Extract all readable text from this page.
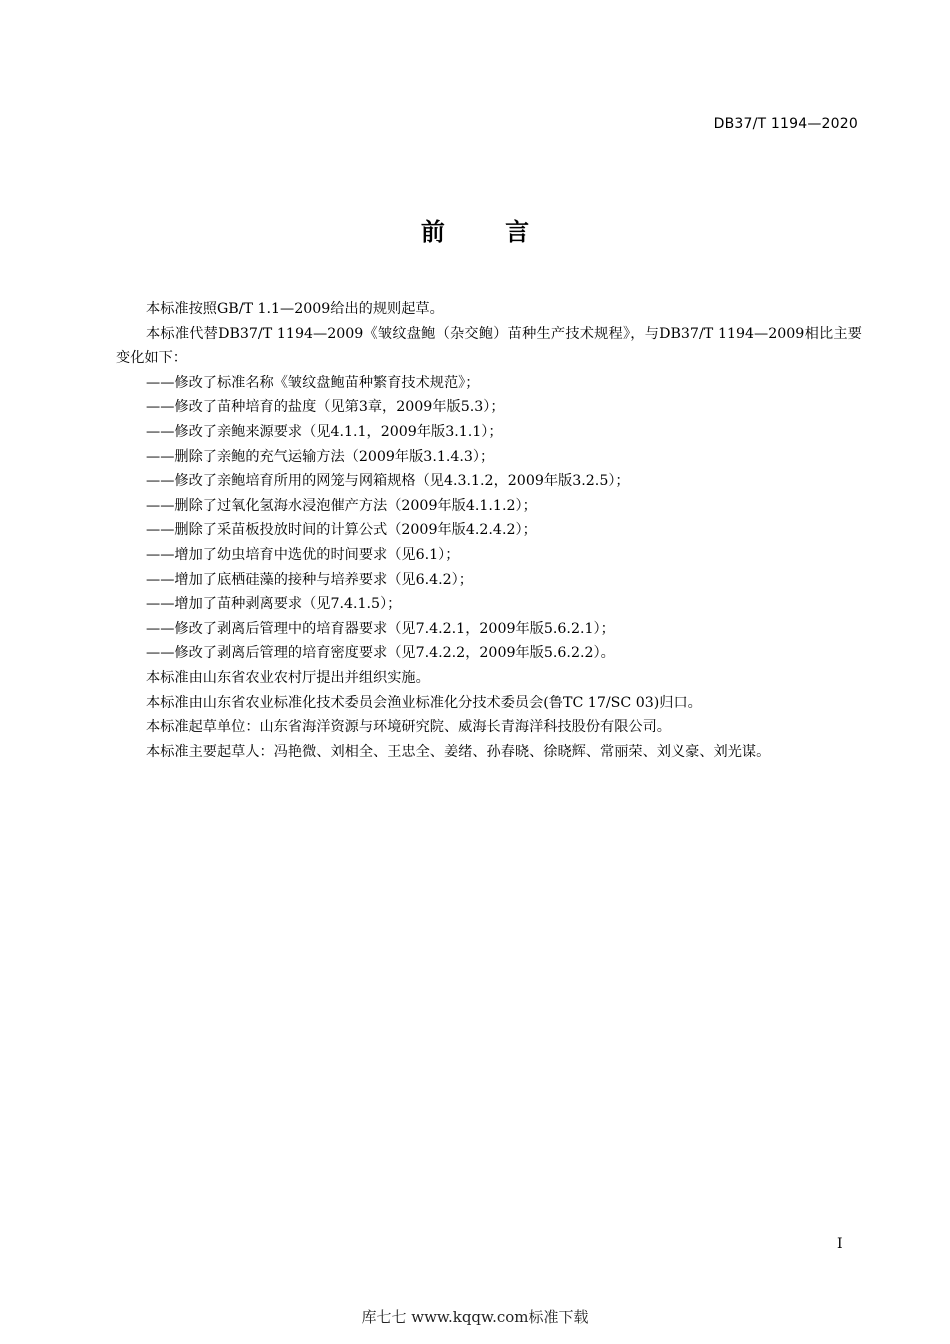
DB37/T 1194—2020
前 言

本标准按照GB/T 1.1—2009给出的规则起草。

本标准代替DB37/T 1194—2009《皱纹盘鲍（杂交鲍）苗种生产技术规程》，与DB37/T 1194—2009相比主要变化如下：

——修改了标准名称《皱纹盘鲍苗种繁育技术规范》；

——修改了苗种培育的盐度（见第3章，2009年版5.3）；

——修改了亲鲍来源要求（见4.1.1，2009年版3.1.1）；

——删除了亲鲍的充气运输方法（2009年版3.1.4.3）；

——修改了亲鲍培育所用的网笼与网箱规格（见4.3.1.2，2009年版3.2.5）；

——删除了过氧化氢海水浸泡催产方法（2009年版4.1.1.2）；

——删除了采苗板投放时间的计算公式（2009年版4.2.4.2）；

——增加了幼虫培育中选优的时间要求（见6.1）；

——增加了底栖硅藻的接种与培养要求（见6.4.2）；

——增加了苗种剥离要求（见7.4.1.5）；

——修改了剥离后管理中的培育器要求（见7.4.2.1，2009年版5.6.2.1）；

——修改了剥离后管理的培育密度要求（见7.4.2.2，2009年版5.6.2.2）。

本标准由山东省农业农村厅提出并组织实施。

本标准由山东省农业标准化技术委员会渔业标准化分技术委员会(鲁TC 17/SC 03)归口。

本标准起草单位：山东省海洋资源与环境研究院、威海长青海洋科技股份有限公司。

本标准主要起草人：冯艳微、刘相全、王忠全、姜绪、孙春晓、徐晓辉、常丽荣、刘义豪、刘光谋。

I
库七七 www.kqqw.com标准下载
